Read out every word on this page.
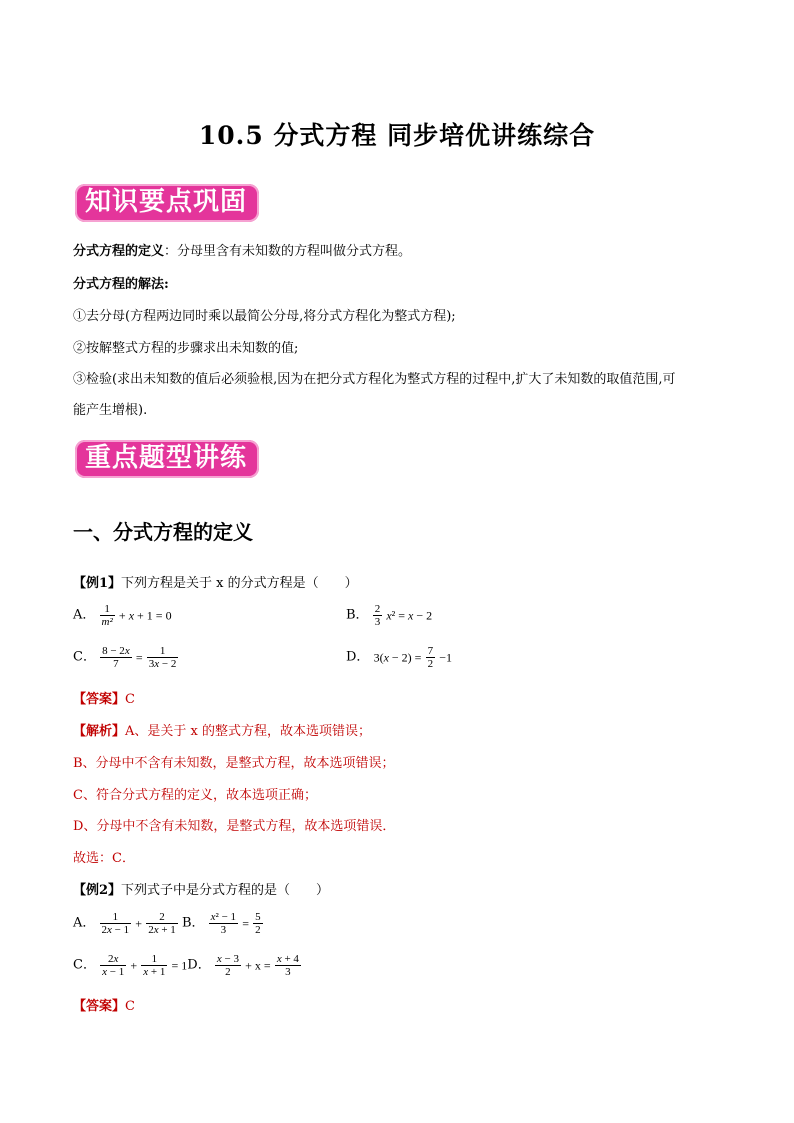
10.5 分式方程 同步培优讲练综合
知识要点巩固
分式方程的定义：分母里含有未知数的方程叫做分式方程。
分式方程的解法:
①去分母(方程两边同时乘以最简公分母,将分式方程化为整式方程);
②按解整式方程的步骤求出未知数的值;
③检验(求出未知数的值后必须验根,因为在把分式方程化为整式方程的过程中,扩大了未知数的取值范围,可
能产生增根).
重点题型讲练
一、分式方程的定义
【例1】下列方程是关于 x 的分式方程是（　　）
A． $\frac{1}{\text{m²}} + x + 1 = 0$	B． $\frac{2}{3} x^2 = x - 2$
C． $\frac{8 - 2x}{7} = \frac{1}{3x - 2}$	D． $3(x - 2) = \frac{7}{2} -1$
【答案】C
【解析】A、是关于 x 的整式方程，故本选项错误；
B、分母中不含有未知数，是整式方程，故本选项错误；
C、符合分式方程的定义，故本选项正确；
D、分母中不含有未知数，是整式方程，故本选项错误．
故选：C．
【例2】下列式子中是分式方程的是（　　）
A． $\frac{1}{2x - 1} + \frac{2}{2x + 1}$ B． $\frac{\text{x² − 1}}{3} = \frac{5}{2}$
C． $\frac{2x}{x - 1} + \frac{1}{x + 1} = 1D$． $\frac{x - 3}{2} + x = \frac{x + 4}{3}$
【答案】C
